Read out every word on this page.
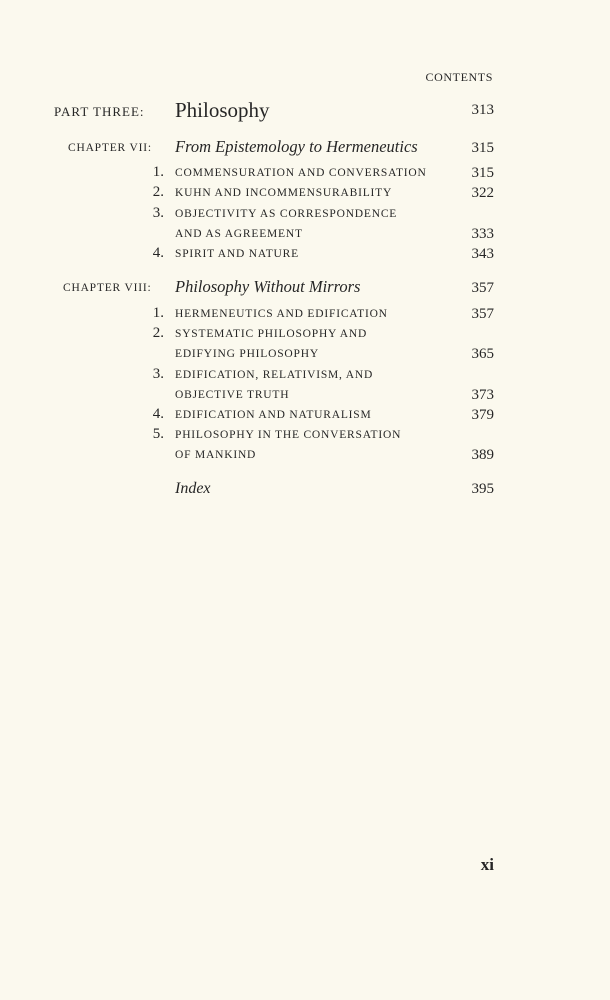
CONTENTS
PART THREE: Philosophy	313
CHAPTER VII: From Epistemology to Hermeneutics	315
1. COMMENSURATION AND CONVERSATION	315
2. KUHN AND INCOMMENSURABILITY	322
3. OBJECTIVITY AS CORRESPONDENCE
AND AS AGREEMENT	333
4. SPIRIT AND NATURE	343
CHAPTER VIII: Philosophy Without Mirrors	357
1. HERMENEUTICS AND EDIFICATION	357
2. SYSTEMATIC PHILOSOPHY AND
EDIFYING PHILOSOPHY	365
3. EDIFICATION, RELATIVISM, AND
OBJECTIVE TRUTH	373
4. EDIFICATION AND NATURALISM	379
5. PHILOSOPHY IN THE CONVERSATION
OF MANKIND	389
Index	395
xi
